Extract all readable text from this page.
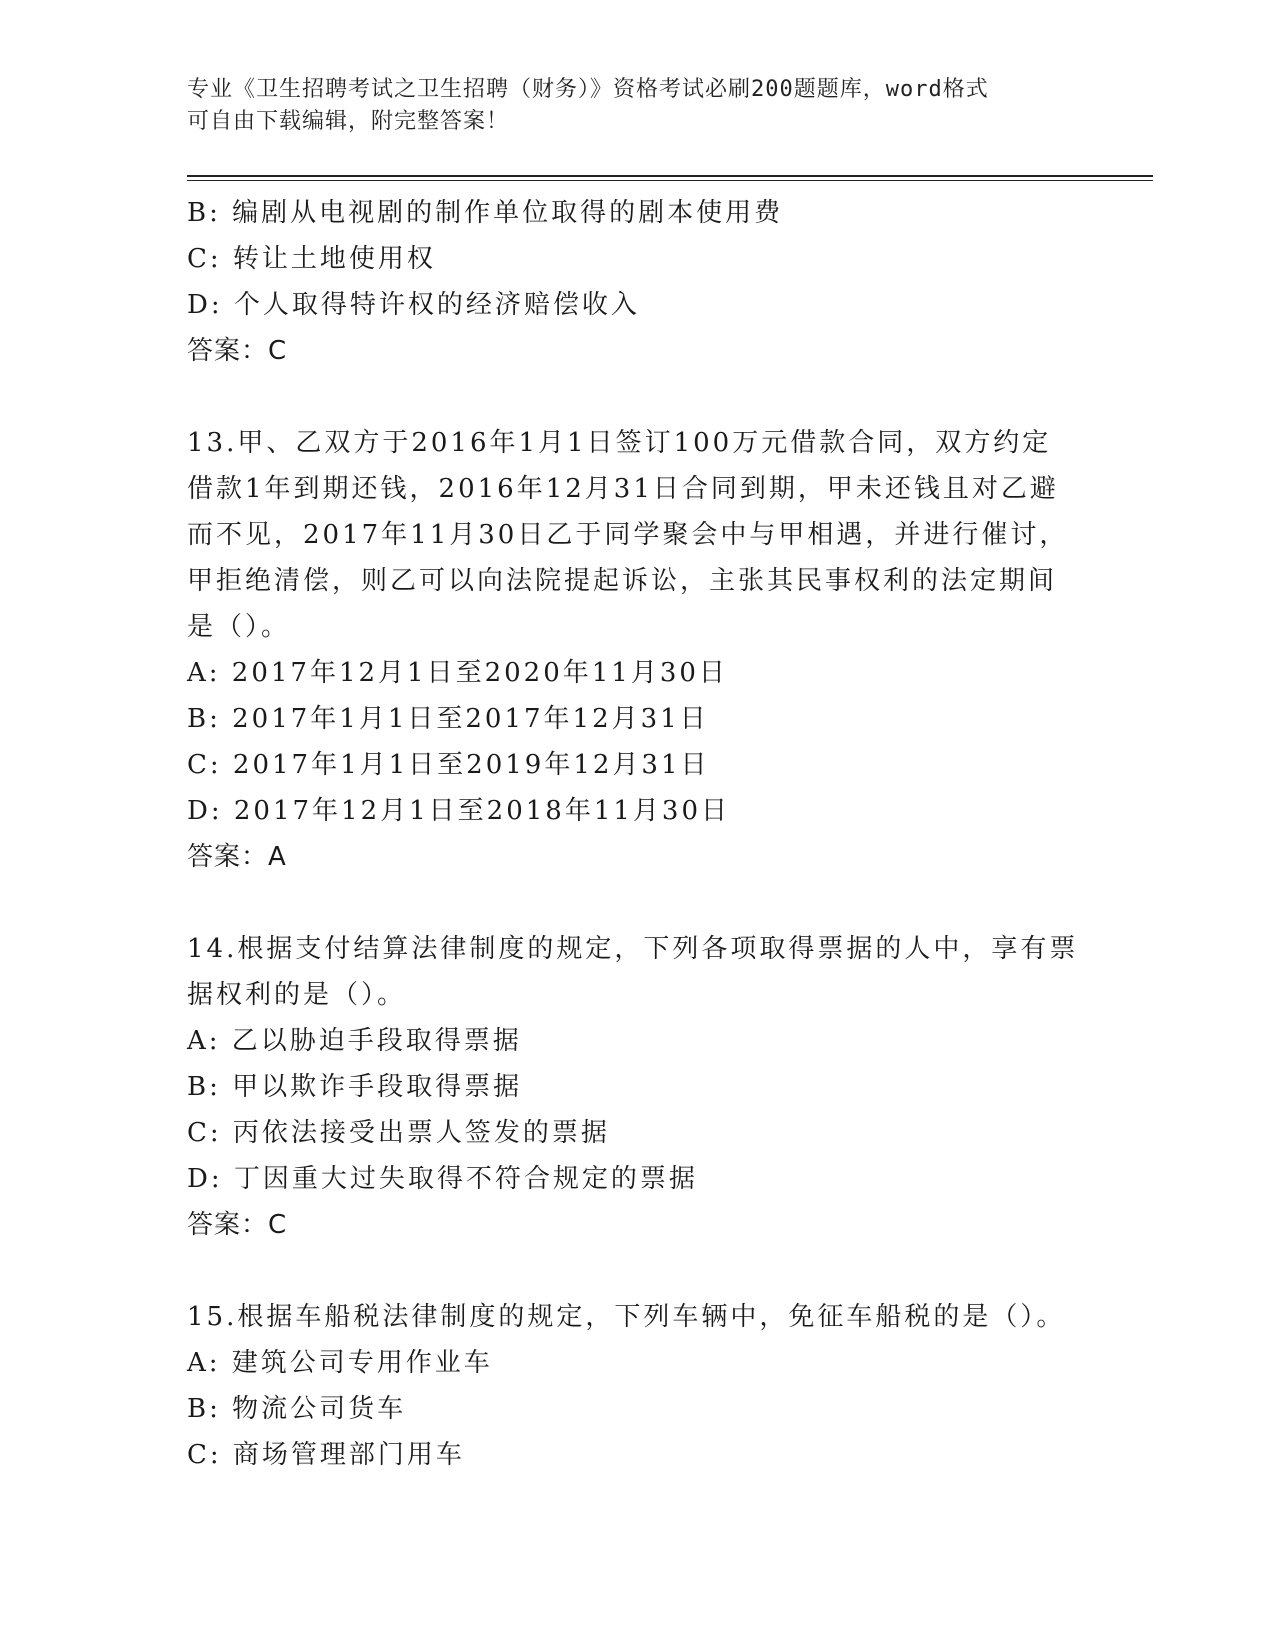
专业《卫生招聘考试之卫生招聘（财务）》资格考试必刷200题题库，word格式
可自由下载编辑，附完整答案！
B: 编剧从电视剧的制作单位取得的剧本使用费
C: 转让土地使用权
D: 个人取得特许权的经济赔偿收入
答案：C
13.甲、乙双方于2016年1月1日签订100万元借款合同，双方约定
借款1年到期还钱，2016年12月31日合同到期，甲未还钱且对乙避
而不见，2017年11月30日乙于同学聚会中与甲相遇，并进行催讨，
甲拒绝清偿，则乙可以向法院提起诉讼，主张其民事权利的法定期间
是（）。
A: 2017年12月1日至2020年11月30日
B: 2017年1月1日至2017年12月31日
C: 2017年1月1日至2019年12月31日
D: 2017年12月1日至2018年11月30日
答案：A
14.根据支付结算法律制度的规定，下列各项取得票据的人中，享有票
据权利的是（）。
A: 乙以胁迫手段取得票据
B: 甲以欺诈手段取得票据
C: 丙依法接受出票人签发的票据
D: 丁因重大过失取得不符合规定的票据
答案：C
15.根据车船税法律制度的规定，下列车辆中，免征车船税的是（）。
A: 建筑公司专用作业车
B: 物流公司货车
C: 商场管理部门用车
